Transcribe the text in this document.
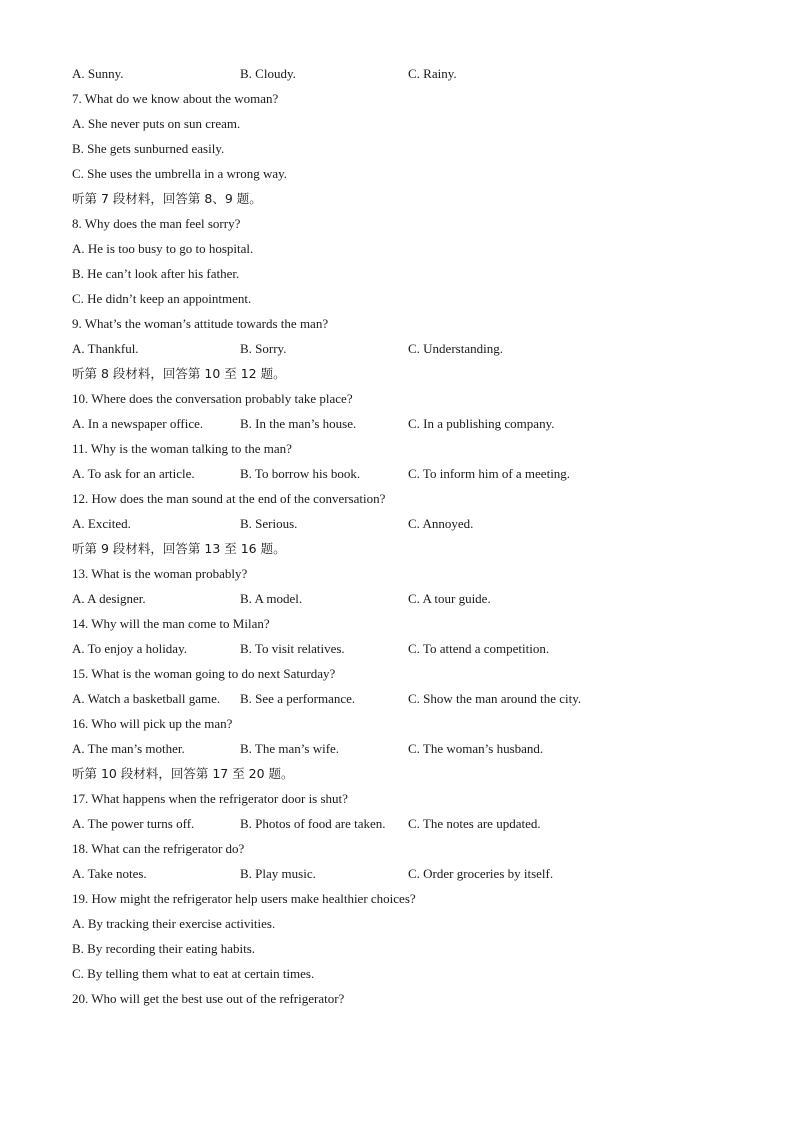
A. Sunny.	B. Cloudy.	C. Rainy.
7. What do we know about the woman?
A. She never puts on sun cream.
B. She gets sunburned easily.
C. She uses the umbrella in a wrong way.
听第 7 段材料，回答第 8、9 题。
8. Why does the man feel sorry?
A. He is too busy to go to hospital.
B. He can’t look after his father.
C. He didn’t keep an appointment.
9. What’s the woman’s attitude towards the man?
A. Thankful.	B. Sorry.	C. Understanding.
听第 8 段材料，回答第 10 至 12 题。
10. Where does the conversation probably take place?
A. In a newspaper office.	B. In the man’s house.	C. In a publishing company.
11. Why is the woman talking to the man?
A. To ask for an article.	B. To borrow his book.	C. To inform him of a meeting.
12. How does the man sound at the end of the conversation?
A. Excited.	B. Serious.	C. Annoyed.
听第 9 段材料，回答第 13 至 16 题。
13. What is the woman probably?
A. A designer.	B. A model.	C. A tour guide.
14. Why will the man come to Milan?
A. To enjoy a holiday.	B. To visit relatives.	C. To attend a competition.
15. What is the woman going to do next Saturday?
A. Watch a basketball game.	B. See a performance.	C. Show the man around the city.
16. Who will pick up the man?
A. The man’s mother.	B. The man’s wife.	C. The woman’s husband.
听第 10 段材料，回答第 17 至 20 题。
17. What happens when the refrigerator door is shut?
A. The power turns off.	B. Photos of food are taken.	C. The notes are updated.
18. What can the refrigerator do?
A. Take notes.	B. Play music.	C. Order groceries by itself.
19. How might the refrigerator help users make healthier choices?
A. By tracking their exercise activities.
B. By recording their eating habits.
C. By telling them what to eat at certain times.
20. Who will get the best use out of the refrigerator?
